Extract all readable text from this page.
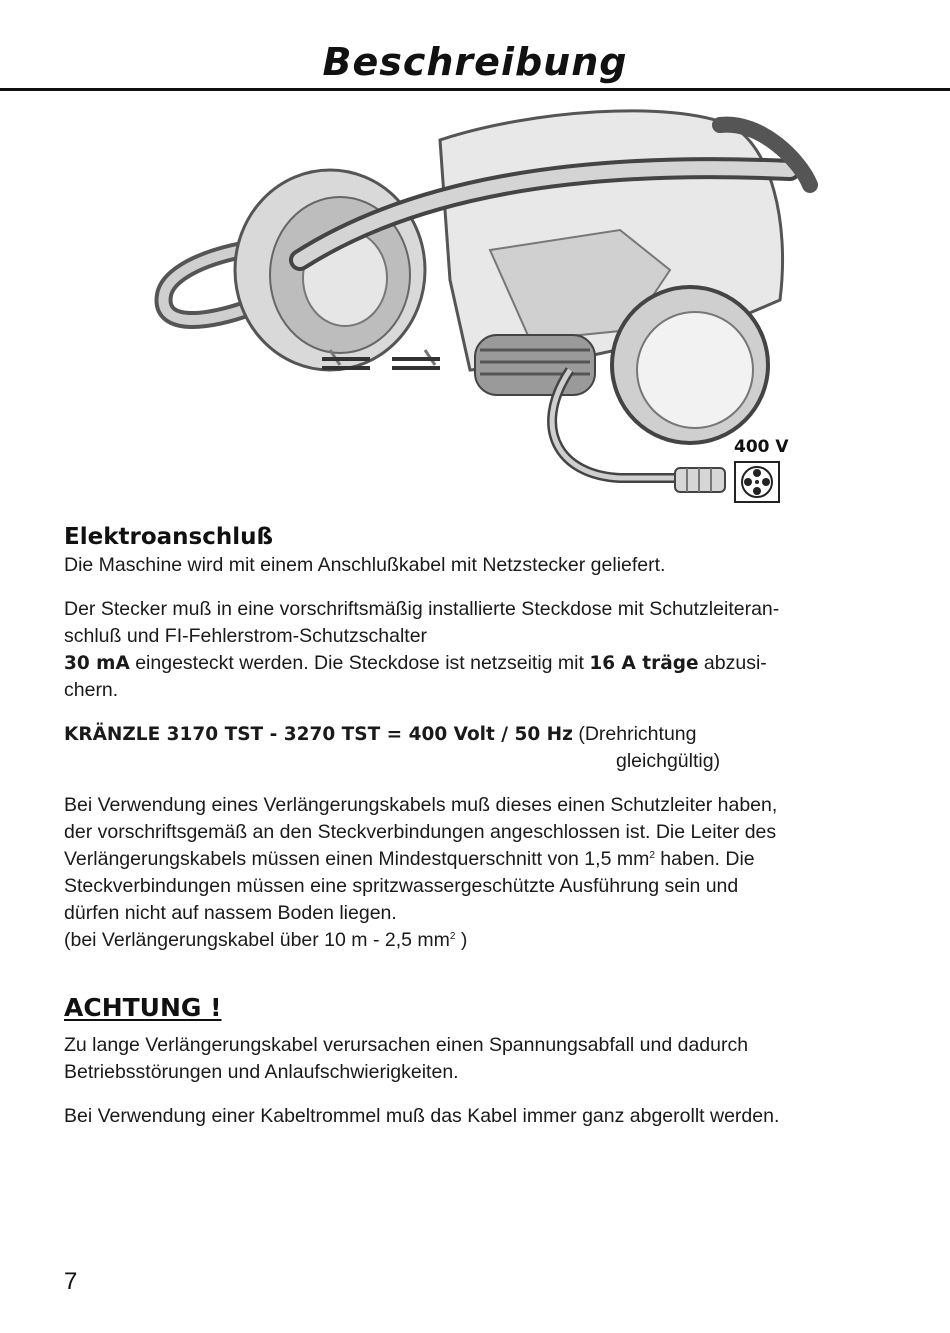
Beschreibung
400 V
Elektroanschluß
Die Maschine wird mit einem Anschlußkabel mit Netzstecker geliefert.
Der Stecker muß in eine vorschriftsmäßig installierte Steckdose mit Schutzleiteran-
schluß und FI-Fehlerstrom-Schutzschalter
30 mA eingesteckt werden. Die Steckdose ist netzseitig mit 16 A träge abzusi-
chern.
KRÄNZLE 3170 TST - 3270 TST = 400 Volt / 50 Hz (Drehrichtung
gleichgültig)
Bei Verwendung eines Verlängerungskabels muß dieses einen Schutzleiter haben,
der vorschriftsgemäß an den Steckverbindungen angeschlossen ist. Die Leiter des
Verlängerungskabels müssen einen Mindestquerschnitt von 1,5 $mm^2$ haben. Die
Steckverbindungen müssen eine spritzwassergeschützte Ausführung sein und
dürfen nicht auf nassem Boden liegen.
(bei Verlängerungskabel über 10 m - 2,5 $mm^2$ )
ACHTUNG !
Zu lange Verlängerungskabel verursachen einen Spannungsabfall und dadurch
Betriebsstörungen und Anlaufschwierigkeiten.
Bei Verwendung einer Kabeltrommel muß das Kabel immer ganz abgerollt werden.
7
